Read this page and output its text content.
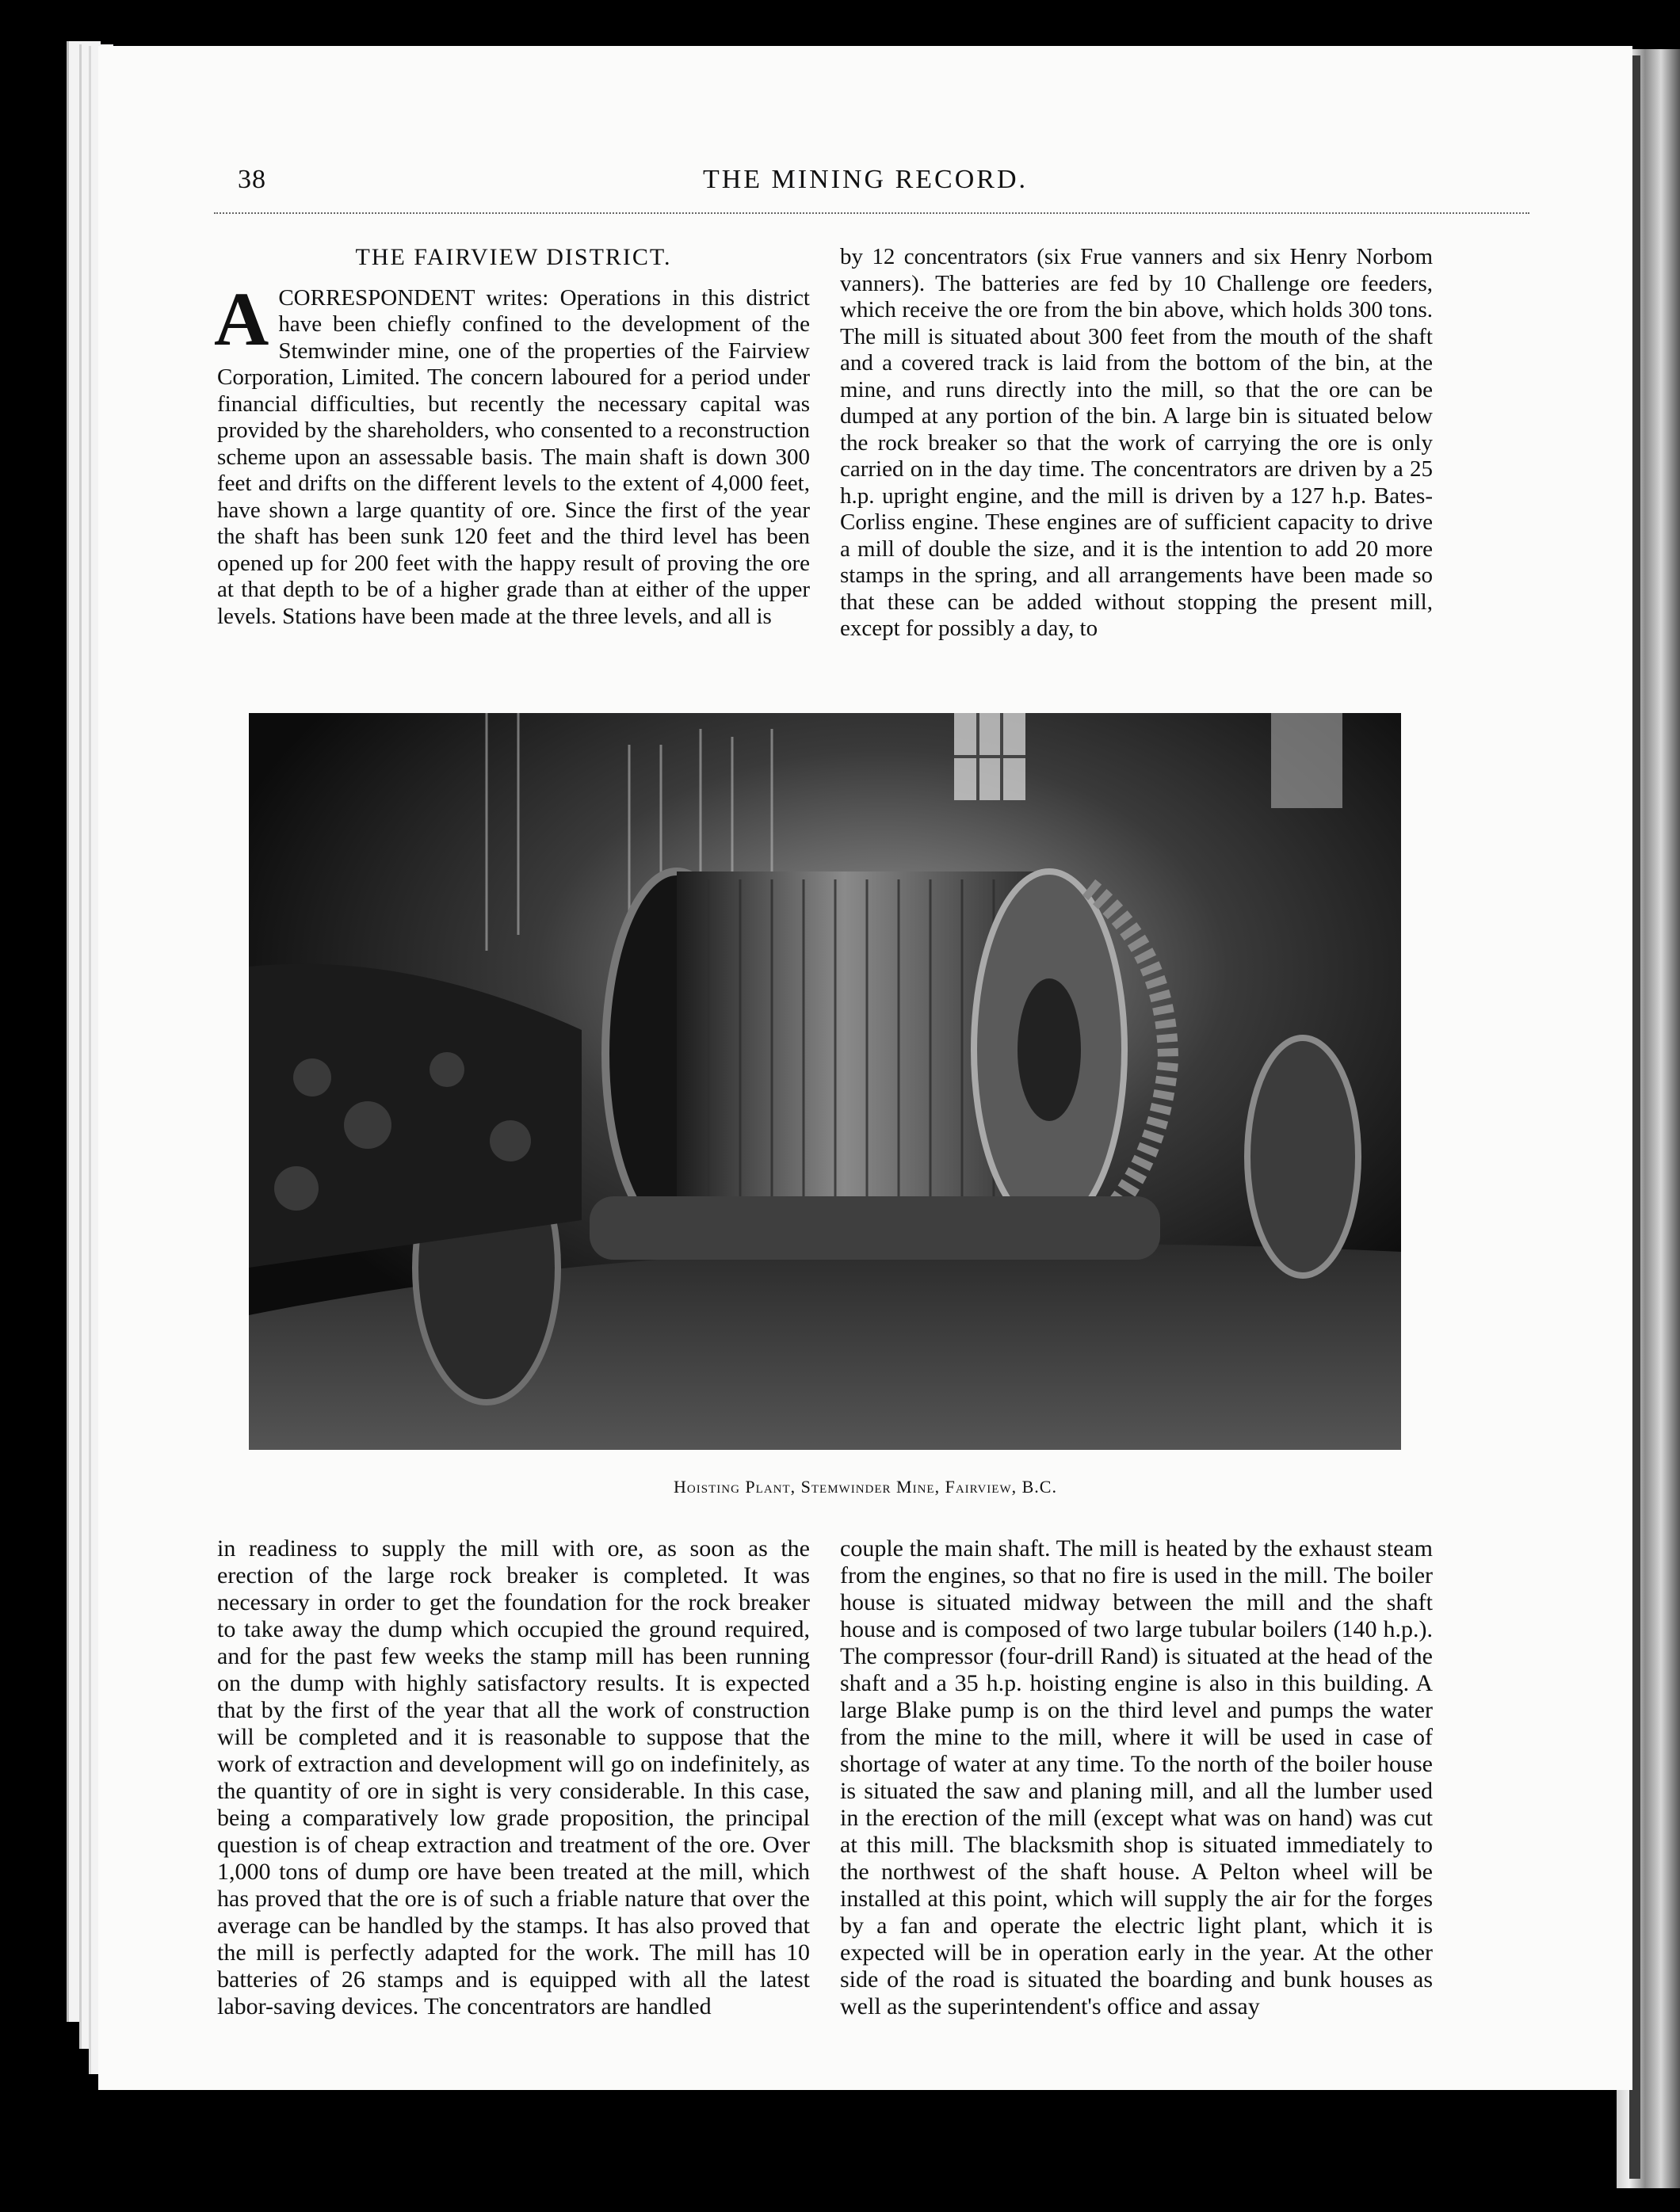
38	THE MINING RECORD.

THE FAIRVIEW DISTRICT.

ACORRESPONDENT writes: Operations in this district have been chiefly confined to the development of the Stemwinder mine, one of the properties of the Fairview Corporation, Limited. The concern laboured for a period under financial difficulties, but recently the necessary capital was provided by the shareholders, who consented to a reconstruction scheme upon an assessable basis. The main shaft is down 300 feet and drifts on the different levels to the extent of 4,000 feet, have shown a large quantity of ore. Since the first of the year the shaft has been sunk 120 feet and the third level has been opened up for 200 feet with the happy result of proving the ore at that depth to be of a higher grade than at either of the upper levels. Stations have been made at the three levels, and all is

by 12 concentrators (six Frue vanners and six Henry Norbom vanners). The batteries are fed by 10 Challenge ore feeders, which receive the ore from the bin above, which holds 300 tons. The mill is situated about 300 feet from the mouth of the shaft and a covered track is laid from the bottom of the bin, at the mine, and runs directly into the mill, so that the ore can be dumped at any portion of the bin. A large bin is situated below the rock breaker so that the work of carrying the ore is only carried on in the day time. The concentrators are driven by a 25 h.p. upright engine, and the mill is driven by a 127 h.p. Bates-Corliss engine. These engines are of sufficient capacity to drive a mill of double the size, and it is the intention to add 20 more stamps in the spring, and all arrangements have been made so that these can be added without stopping the present mill, except for possibly a day, to

Hoisting Plant, Stemwinder Mine, Fairview, B.C.

in readiness to supply the mill with ore, as soon as the erection of the large rock breaker is completed. It was necessary in order to get the foundation for the rock breaker to take away the dump which occupied the ground required, and for the past few weeks the stamp mill has been running on the dump with highly satisfactory results. It is expected that by the first of the year that all the work of construction will be completed and it is reasonable to suppose that the work of extraction and development will go on indefinitely, as the quantity of ore in sight is very considerable. In this case, being a comparatively low grade proposition, the principal question is of cheap extraction and treatment of the ore. Over 1,000 tons of dump ore have been treated at the mill, which has proved that the ore is of such a friable nature that over the average can be handled by the stamps. It has also proved that the mill is perfectly adapted for the work. The mill has 10 batteries of 26 stamps and is equipped with all the latest labor-saving devices. The concentrators are handled

couple the main shaft. The mill is heated by the exhaust steam from the engines, so that no fire is used in the mill. The boiler house is situated midway between the mill and the shaft house and is composed of two large tubular boilers (140 h.p.). The compressor (four-drill Rand) is situated at the head of the shaft and a 35 h.p. hoisting engine is also in this building. A large Blake pump is on the third level and pumps the water from the mine to the mill, where it will be used in case of shortage of water at any time. To the north of the boiler house is situated the saw and planing mill, and all the lumber used in the erection of the mill (except what was on hand) was cut at this mill. The blacksmith shop is situated immediately to the northwest of the shaft house. A Pelton wheel will be installed at this point, which will supply the air for the forges by a fan and operate the electric light plant, which it is expected will be in operation early in the year. At the other side of the road is situated the boarding and bunk houses as well as the superintendent's office and assay
